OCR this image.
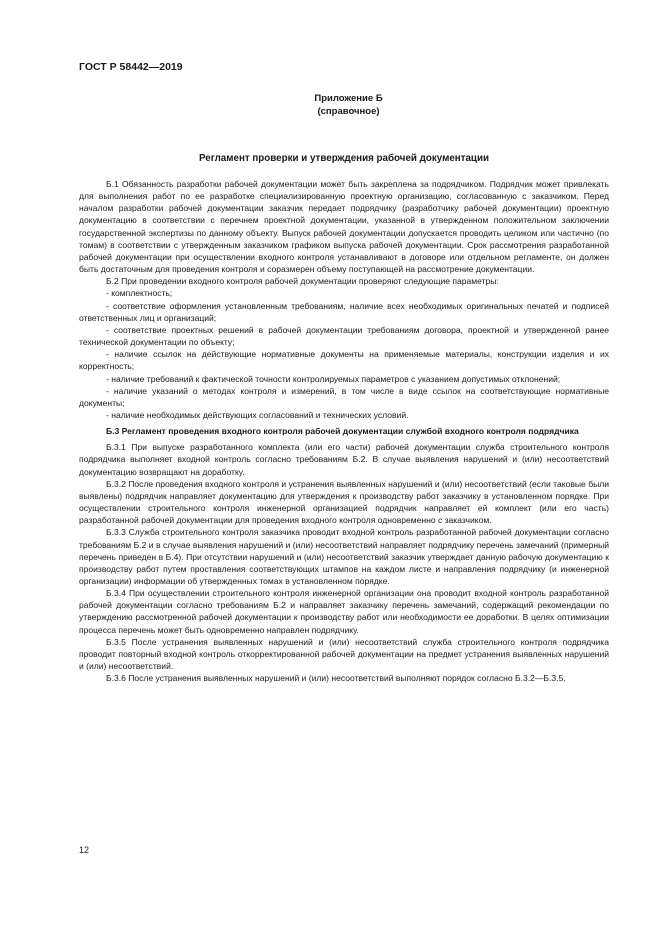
ГОСТ Р 58442—2019
Приложение Б
(справочное)
Регламент проверки и утверждения рабочей документации

Б.1 Обязанность разработки рабочей документации может быть закреплена за подрядчиком. Подрядчик может привлекать для выполнения работ по ее разработке специализированную проектную организацию, согласованную с заказчиком. Перед началом разработки рабочей документации заказчик передает подрядчику (разработчику рабочей документации) проектную документацию в соответствии с перечнем проектной документации, указанной в утвержденном положительном заключении государственной экспертизы по данному объекту. Выпуск рабочей документации допускается проводить целиком или частично (по томам) в соответствии с утвержденным заказчиком графиком выпуска рабочей документации. Срок рассмотрения разработанной рабочей документации при осуществлении входного контроля устанавливают в договоре или отдельном регламенте, он должен быть достаточным для проведения контроля и соразмерен объему поступающей на рассмотрение документации.

Б.2 При проведении входного контроля рабочей документации проверяют следующие параметры:

- комплектность;

- соответствие оформления установленным требованиям, наличие всех необходимых оригинальных печатей и подписей ответственных лиц и организаций;

- соответствие проектных решений в рабочей документации требованиям договора, проектной и утвержденной ранее технической документации по объекту;

- наличие ссылок на действующие нормативные документы на применяемые материалы, конструкции изделия и их корректность;

- наличие требований к фактической точности контролируемых параметров с указанием допустимых отклонений;

- наличие указаний о методах контроля и измерений, в том числе в виде ссылок на соответствующие нормативные документы;

- наличие необходимых действующих согласований и технических условий.

Б.3 Регламент проведения входного контроля рабочей документации службой входного контроля подрядчика

Б.3.1 При выпуске разработанного комплекта (или его части) рабочей документации служба строительного контроля подрядчика выполняет входной контроль согласно требованиям Б.2. В случае выявления нарушений и (или) несоответствий документацию возвращают на доработку.

Б.3.2 После проведения входного контроля и устранения выявленных нарушений и (или) несоответствий (если таковые были выявлены) подрядчик направляет документацию для утверждения к производству работ заказчику в установленном порядке. При осуществлении строительного контроля инженерной организацией подрядчик направляет ей комплект (или его часть) разработанной рабочей документации для проведения входного контроля одновременно с заказчиком.

Б.3.3 Служба строительного контроля заказчика проводит входной контроль разработанной рабочей документации согласно требованиям Б.2 и в случае выявления нарушений и (или) несоответствий направляет подрядчику перечень замечаний (примерный перечень приведен в Б.4). При отсутствии нарушений и (или) несоответствий заказчик утверждает данную рабочую документацию к производству работ путем проставления соответствующих штампов на каждом листе и направления подрядчику (и инженерной организации) информации об утвержденных томах в установленном порядке.

Б.3.4 При осуществлении строительного контроля инженерной организации она проводит входной контроль разработанной рабочей документации согласно требованиям Б.2 и направляет заказчику перечень замечаний, содержащий рекомендации по утверждению рассмотренной рабочей документации к производству работ или необходимости ее доработки. В целях оптимизации процесса перечень может быть одновременно направлен подрядчику.

Б.3.5 После устранения выявленных нарушений и (или) несоответствий служба строительного контроля подрядчика проводит повторный входной контроль откорректированной рабочей документации на предмет устранения выявленных нарушений и (или) несоответствий.

Б.3.6 После устранения выявленных нарушений и (или) несоответствий выполняют порядок согласно Б.3.2—Б.3.5.

12
